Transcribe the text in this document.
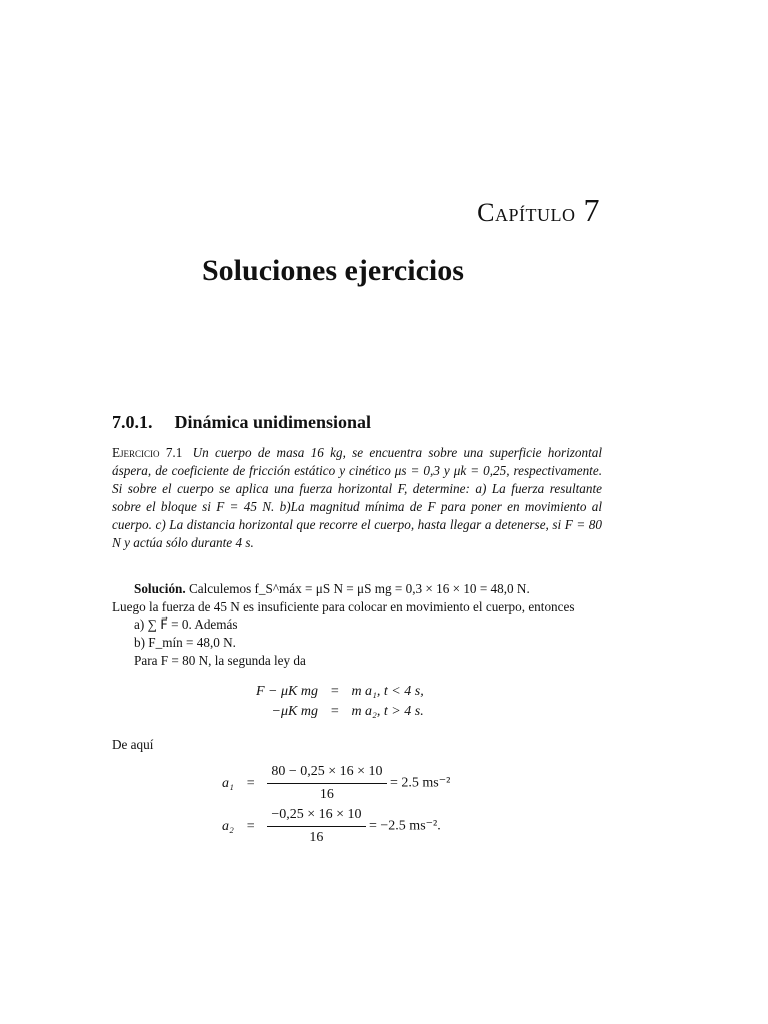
Capítulo 7
Soluciones ejercicios
7.0.1. Dinámica unidimensional
Ejercicio 7.1 Un cuerpo de masa 16 kg, se encuentra sobre una superficie horizontal áspera, de coeficiente de fricción estático y cinético μs = 0,3 y μk = 0,25, respectivamente. Si sobre el cuerpo se aplica una fuerza horizontal F, determine: a) La fuerza resultante sobre el bloque si F = 45 N. b)La magnitud mínima de F para poner en movimiento al cuerpo. c) La distancia horizontal que recorre el cuerpo, hasta llegar a detenerse, si F = 80 N y actúa sólo durante 4 s.
Solución. Calculemos f_S^máx = μS N = μS mg = 0,3 × 16 × 10 = 48,0 N.
Luego la fuerza de 45 N es insuficiente para colocar en movimiento el cuerpo, entonces
a) ∑ F⃗ = 0. Además
b) F_mín = 48,0 N.
Para F = 80 N, la segunda ley da
F − μK mg	=	m a₁, t < 4 s,
−μK mg	=	m a₂, t > 4 s.
De aquí
a₁	=	$\frac{80 - 0,25 \times 16 \times 10}{16} = 2.5$ ms⁻²
a₂	=	$\frac{-0,25 \times 16 \times 10}{16} = -2.5$ ms⁻².
